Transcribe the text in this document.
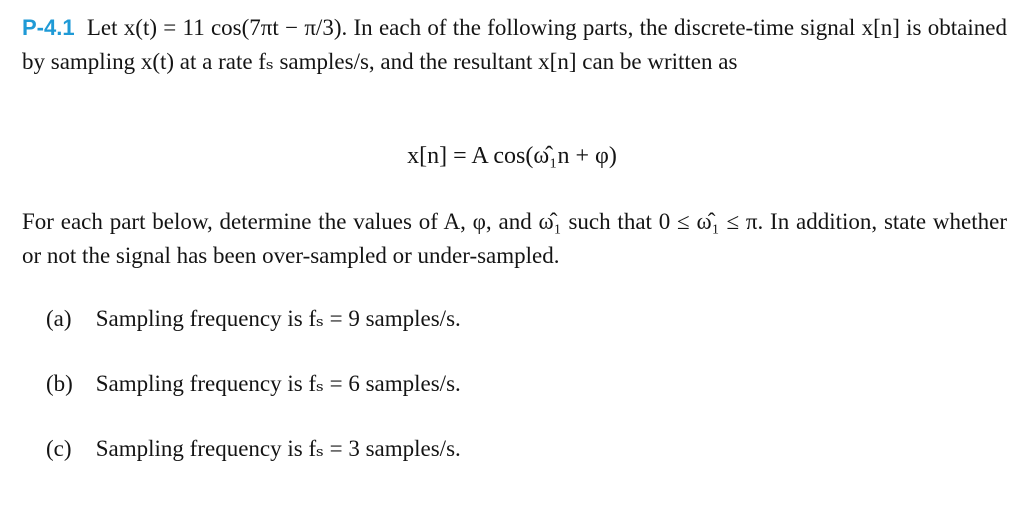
P-4.1 Let x(t) = 11 cos(7πt − π/3). In each of the following parts, the discrete-time signal x[n] is obtained by sampling x(t) at a rate fₛ samples/s, and the resultant x[n] can be written as
x[n] = A cos(ω̂₁n + φ)
For each part below, determine the values of A, φ, and ω̂₁ such that 0 ≤ ω̂₁ ≤ π. In addition, state whether or not the signal has been over-sampled or under-sampled.
(a) Sampling frequency is fₛ = 9 samples/s.
(b) Sampling frequency is fₛ = 6 samples/s.
(c) Sampling frequency is fₛ = 3 samples/s.
